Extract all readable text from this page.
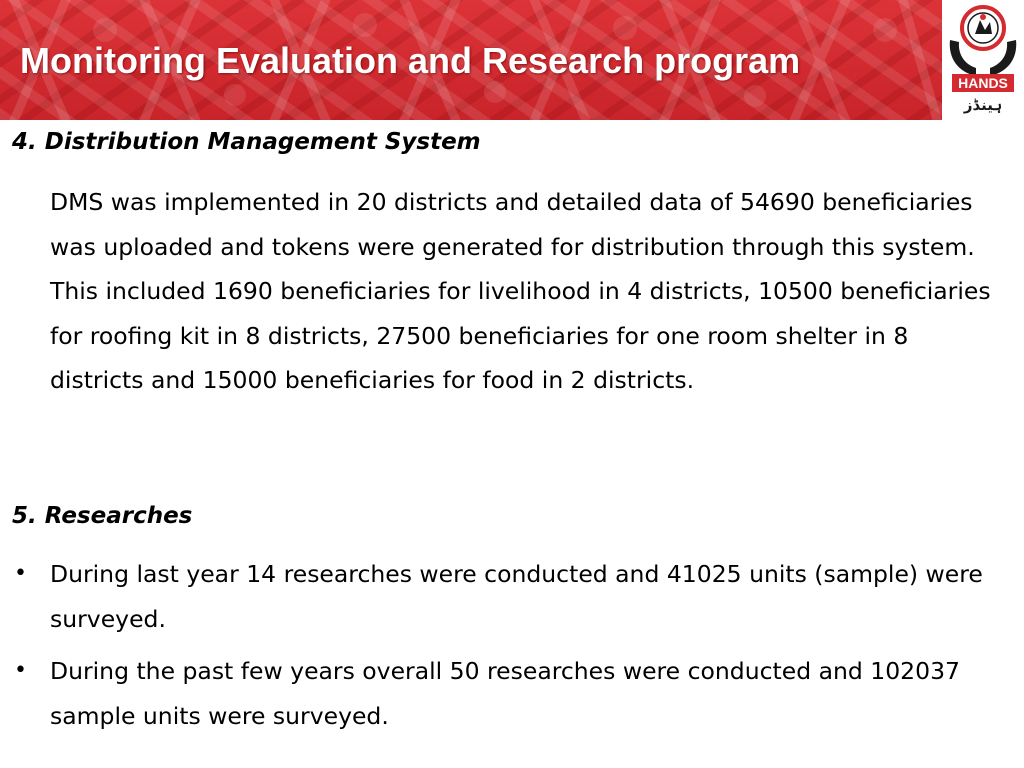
Monitoring Evaluation and Research program
HANDS
ہینڈز
4. Distribution Management System

DMS was implemented in 20 districts and detailed data of 54690 beneficiaries was uploaded and tokens were generated for distribution through this system. This included 1690 beneficiaries for livelihood in 4 districts, 10500 beneficiaries for roofing kit in 8 districts, 27500 beneficiaries for one room shelter in 8 districts and 15000 beneficiaries for food in 2 districts.

5. Researches
• During last year 14 researches were conducted and 41025 units (sample) were surveyed.
• During the past few years overall 50 researches were conducted and 102037 sample units were surveyed.
